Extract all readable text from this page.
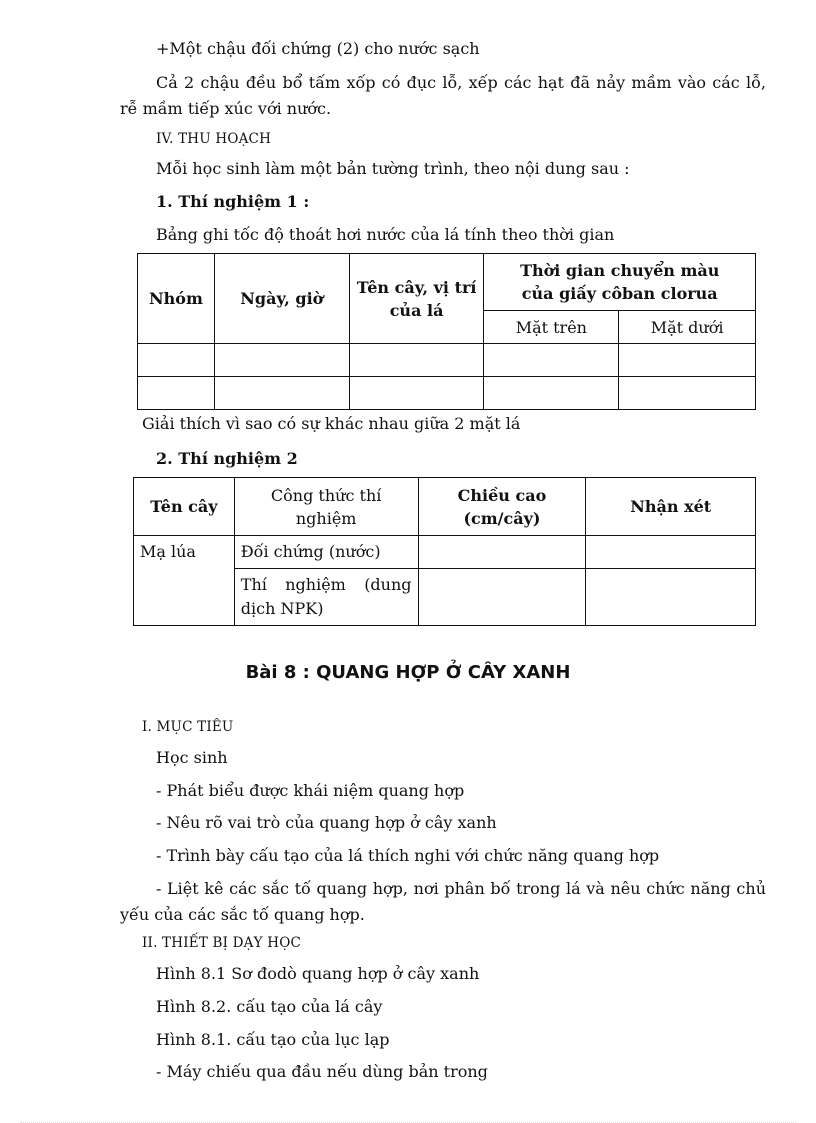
+Một chậu đối chứng (2) cho nước sạch
Cả 2 chậu đều bổ tấm xốp có đục lỗ, xếp các hạt đã nảy mầm vào các lỗ, rễ mầm tiếp xúc với nước.
IV. THU HOẠCH
Mỗi học sinh làm một bản tường trình, theo nội dung sau :
1. Thí nghiệm 1 :
Bảng ghi tốc độ thoát hơi nước của lá tính theo thời gian
Nhóm	Ngày, giờ	Tên cây, vị trí của lá	Thời gian chuyển màu của giấy côban clorua	
			Mặt trên	Mặt dưới

Giải thích vì sao có sự khác nhau giữa 2 mặt lá
2. Thí nghiệm 2
Tên cây	Công thức thí nghiệm	Chiều cao (cm/cây)	Nhận xét
Mạ lúa	Đối chứng (nước)		
	Thí nghiệm (dung dịch NPK)		
Bài 8 : QUANG HỢP Ở CÂY XANH
I. MỤC TIÊU
Học sinh
- Phát biểu được khái niệm quang hợp
- Nêu rõ vai trò của quang hợp ở cây xanh
- Trình bày cấu tạo của lá thích nghi với chức năng quang hợp
- Liệt kê các sắc tố quang hợp, nơi phân bố trong lá và nêu chức năng chủ yếu của các sắc tố quang hợp.
II. THIẾT BỊ DẠY HỌC
Hình 8.1 Sơ đodò quang hợp ở cây xanh
Hình 8.2. cấu tạo của lá cây
Hình 8.1. cấu tạo của lục lạp
- Máy chiếu qua đầu nếu dùng bản trong
